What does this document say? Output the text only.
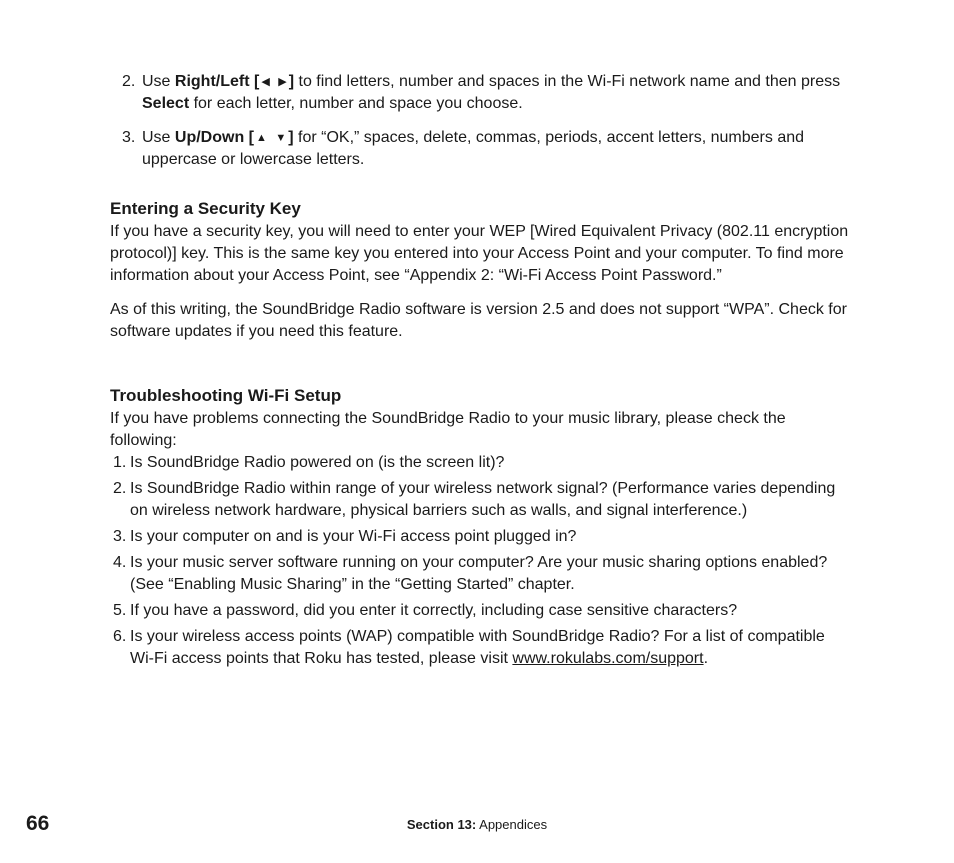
2. Use Right/Left [ ◀ ▶ ] to find letters, number and spaces in the Wi-Fi network name and then press Select for each letter, number and space you choose.
3. Use Up/Down [ ▲ ▼ ] for “OK,” spaces, delete, commas, periods, accent letters, numbers and uppercase or lowercase letters.
Entering a Security Key

If you have a security key, you will need to enter your WEP [Wired Equivalent Privacy (802.11 encryption protocol)] key. This is the same key you entered into your Access Point and your computer. To find more information about your Access Point, see “Appendix 2: “Wi-Fi Access Point Password.”

As of this writing, the SoundBridge Radio software is version 2.5 and does not support “WPA”. Check for software updates if you need this feature.

Troubleshooting Wi-Fi Setup

If you have problems connecting the SoundBridge Radio to your music library, please check the following:

1. Is SoundBridge Radio powered on (is the screen lit)?
2. Is SoundBridge Radio within range of your wireless network signal? (Performance varies depending on wireless network hardware, physical barriers such as walls, and signal interference.)
3. Is your computer on and is your Wi-Fi access point plugged in?
4. Is your music server software running on your computer? Are your music sharing options enabled? (See “Enabling Music Sharing” in the “Getting Started” chapter.
5. If you have a password, did you enter it correctly, including case sensitive characters?
6. Is your wireless access points (WAP) compatible with SoundBridge Radio? For a list of compatible Wi-Fi access points that Roku has tested, please visit www.rokulabs.com/support.
66	Section 13: Appendices
